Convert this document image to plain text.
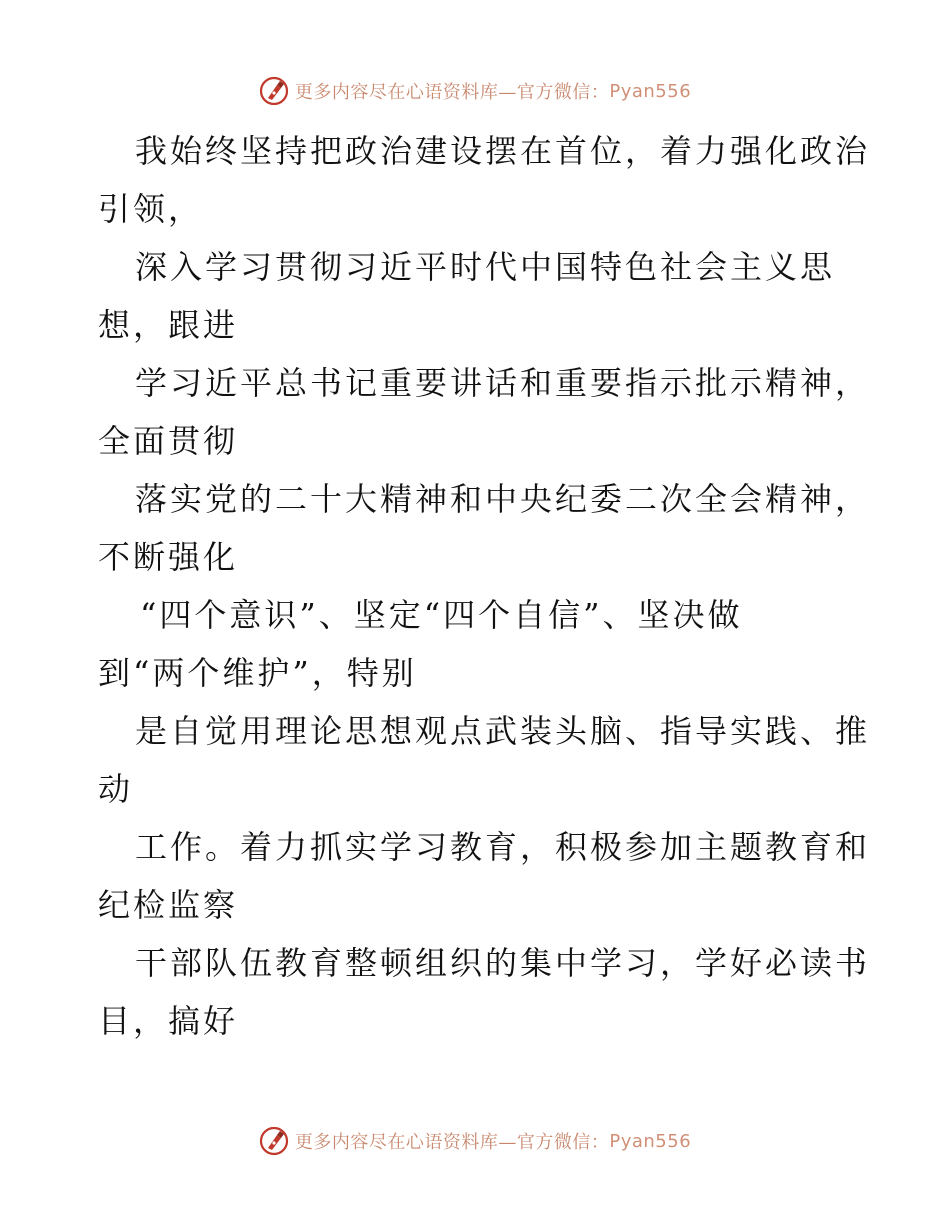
更多内容尽在心语资料库—官方微信： Pyan556

我始终坚持把政治建设摆在首位，着力强化政治

引领，

深入学习贯彻习近平时代中国特色社会主义思

想，跟进

学习近平总书记重要讲话和重要指示批示精神，

全面贯彻

落实党的二十大精神和中央纪委二次全会精神，

不断强化

“四个意识”、坚定“四个自信”、坚决做

到“两个维护”，特别

是自觉用理论思想观点武装头脑、指导实践、推

动

工作。着力抓实学习教育，积极参加主题教育和

纪检监察

干部队伍教育整顿组织的集中学习，学好必读书

目，搞好

更多内容尽在心语资料库—官方微信： Pyan556
